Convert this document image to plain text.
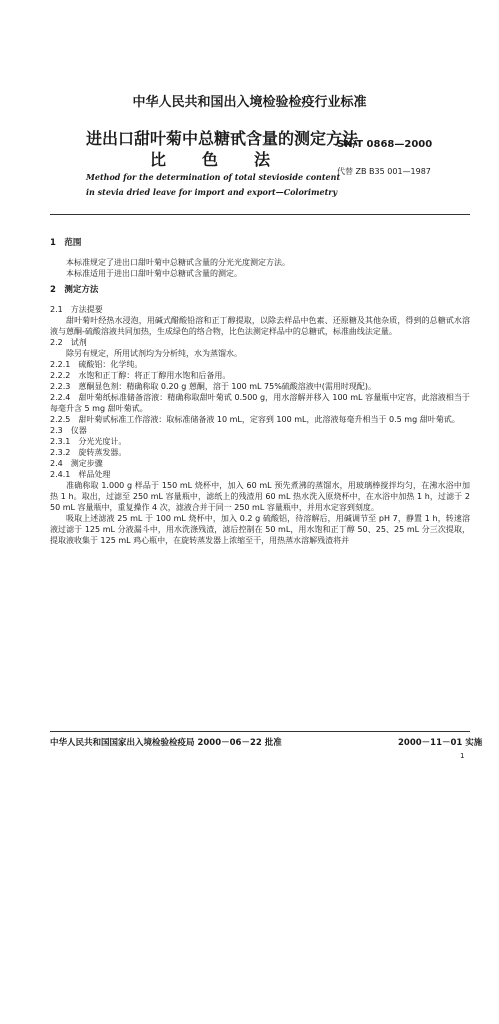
中华人民共和国出入境检验检疫行业标准
进出口甜叶菊中总糖甙含量的测定方法
比色法
SN/T 0868—2000
代替 ZB B35 001—1987
Method for the determination of total stevioside content
in stevia dried leave for import and export—Colorimetry
1　范围

本标准规定了进出口甜叶菊中总糖甙含量的分光光度测定方法。

本标准适用于进出口甜叶菊中总糖甙含量的测定。

2　测定方法

2.1　方法提要

甜叶菊叶经热水浸泡，用碱式醋酸铅溶和正丁醇提取，以除去样品中色素、还原糖及其他杂质，得到的总糖甙水溶液与蒽酮-硫酸溶液共同加热，生成绿色的络合物，比色法测定样品中的总糖甙，标准曲线法定量。

2.2　试剂

除另有规定，所用试剂均为分析纯，水为蒸馏水。

2.2.1　硫酸铝：化学纯。

2.2.2　水饱和正丁醇：将正丁醇用水饱和后备用。

2.2.3　蒽酮显色剂：精确称取 0.20 g 蒽酮，溶于 100 mL 75%硫酸溶液中(需用时现配)。

2.2.4　甜叶菊纸标准储备溶液：精确称取甜叶菊甙 0.500 g，用水溶解并移入 100 mL 容量瓶中定容，此溶液相当于每毫升含 5 mg 甜叶菊甙。

2.2.5　甜叶菊甙标准工作溶液：取标准储备液 10 mL，定容到 100 mL，此溶液每毫升相当于 0.5 mg 甜叶菊甙。

2.3　仪器

2.3.1　分光光度计。

2.3.2　旋转蒸发器。

2.4　测定步骤

2.4.1　样品处理

准确称取 1.000 g 样品于 150 mL 烧杯中，加入 60 mL 预先煮沸的蒸馏水，用玻璃棒搅拌均匀，在沸水浴中加热 1 h。取出，过滤至 250 mL 容量瓶中，滤纸上的残渣用 60 mL 热水洗入原烧杯中，在水浴中加热 1 h，过滤于 250 mL 容量瓶中，重复操作 4 次，滤液合并于同一 250 mL 容量瓶中，并用水定容到刻度。

吸取上述滤液 25 mL 于 100 mL 烧杯中，加入 0.2 g 硫酸铝，待溶解后，用碱调节至 pH 7，静置 1 h，转速溶液过滤于 125 mL 分液漏斗中，用水洗涤残渣，滤后控制在 50 mL，用水饱和正丁醇 50、25、25 mL 分三次提取，提取液收集于 125 mL 鸡心瓶中，在旋转蒸发器上浓缩至干，用热蒸水溶解残渣将并

中华人民共和国国家出入境检验检疫局 2000－06－22 批准	2000－11－01 实施
1
